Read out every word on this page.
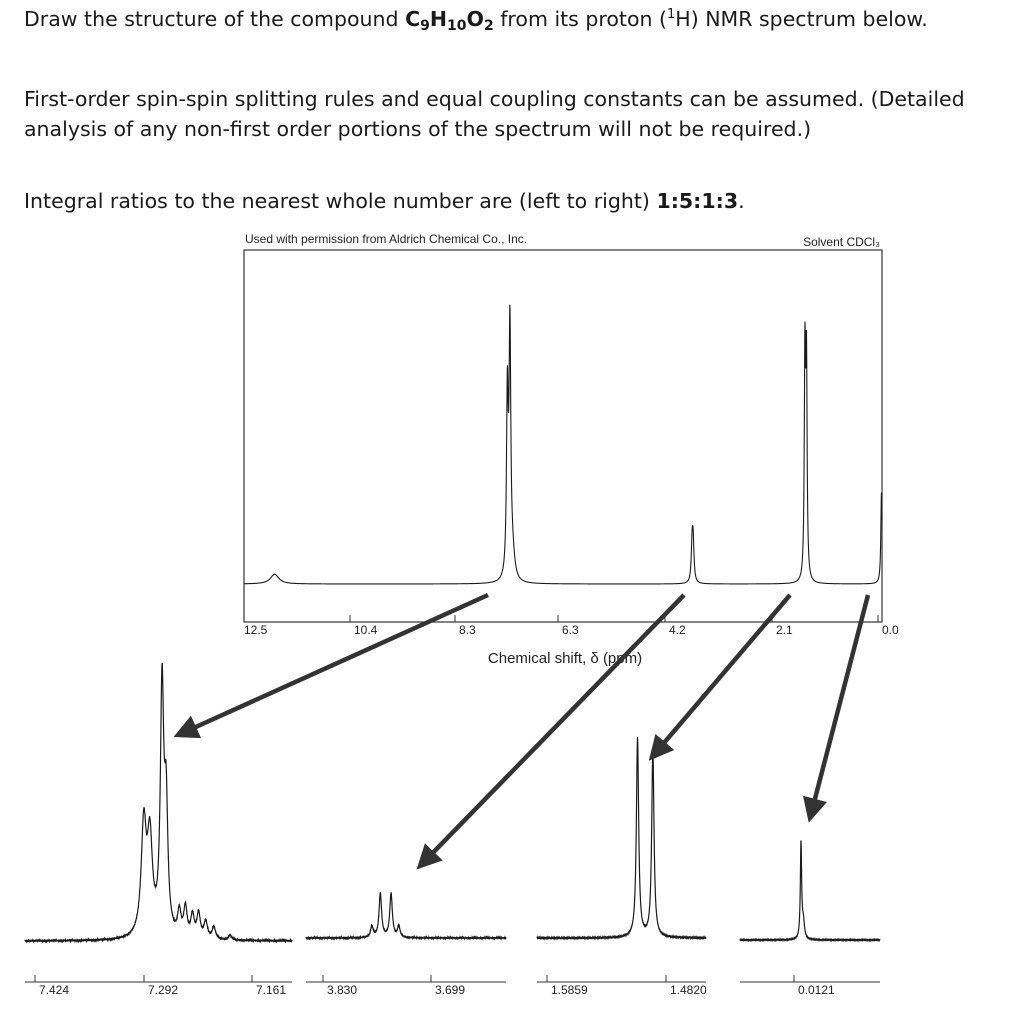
Draw the structure of the compound $C_9H_{10}O_2$ from its proton ($^1$H) NMR spectrum below.

First-order spin-spin splitting rules and equal coupling constants can be assumed. (Detailed analysis of any non-first order portions of the spectrum will not be required.)

Integral ratios to the nearest whole number are (left to right) 1:5:1:3.

Used with permission from Aldrich Chemical Co., Inc.	Solvent CDCl₃
Chemical shift, δ (ppm)
12.5	10.4	8.3	6.3	4.2	2.1	0.0
7.424	7.292	7.161	3.830	3.699	1.5859	1.4820	0.0121
